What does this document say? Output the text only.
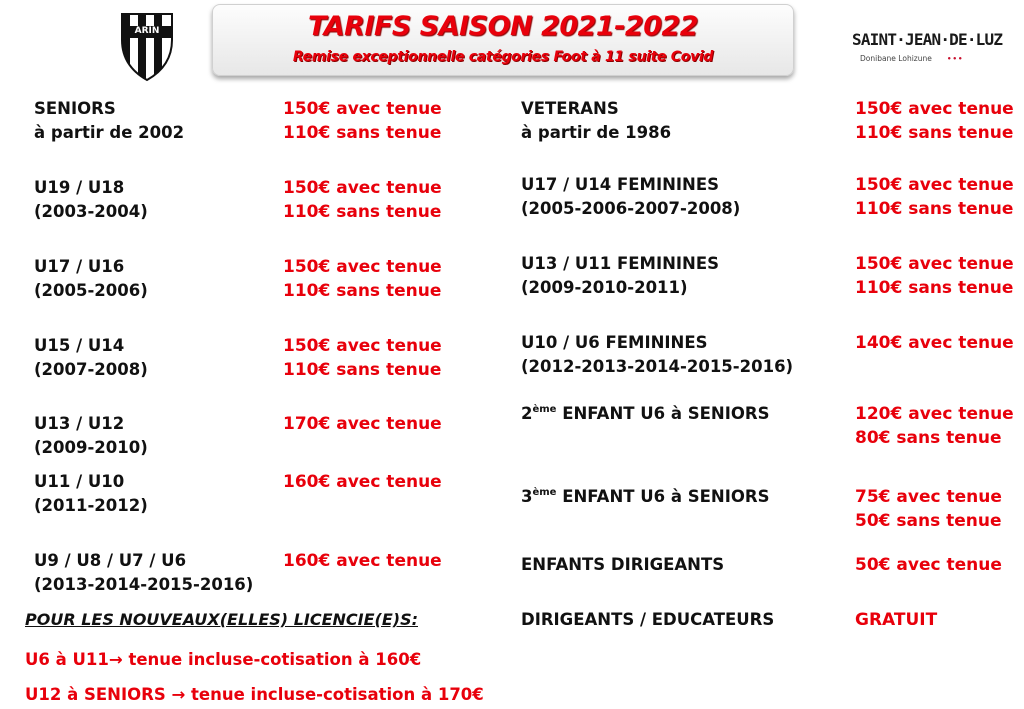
ARIN	TARIFS SAISON 2021-2022
Remise exceptionnelle catégories Foot à 11 suite Covid
SAINT·JEAN·DE·LUZ
Donibane Lohizune •••
SENIORS
à partir de 2002
150€ avec tenue
110€ sans tenue
U19 / U18
(2003-2004)
150€ avec tenue
110€ sans tenue
U17 / U16
(2005-2006)
150€ avec tenue
110€ sans tenue
U15 / U14
(2007-2008)
150€ avec tenue
110€ sans tenue
U13 / U12
(2009-2010)
170€ avec tenue
U11 / U10
(2011-2012)
160€ avec tenue
U9 / U8 / U7 / U6
(2013-2014-2015-2016)
160€ avec tenue
VETERANS
à partir de 1986
150€ avec tenue
110€ sans tenue
U17 / U14 FEMININES
(2005-2006-2007-2008)
150€ avec tenue
110€ sans tenue
U13 / U11 FEMININES
(2009-2010-2011)
150€ avec tenue
110€ sans tenue
U10 / U6 FEMININES
(2012-2013-2014-2015-2016)
140€ avec tenue
2ème ENFANT U6 à SENIORS	120€ avec tenue
80€ sans tenue
3ème ENFANT U6 à SENIORS	75€ avec tenue
50€ sans tenue
ENFANTS DIRIGEANTS	50€ avec tenue
DIRIGEANTS / EDUCATEURS	GRATUIT
POUR LES NOUVEAUX(ELLES) LICENCIE(E)S:
U6 à U11→ tenue incluse-cotisation à 160€
U12 à SENIORS → tenue incluse-cotisation à 170€
